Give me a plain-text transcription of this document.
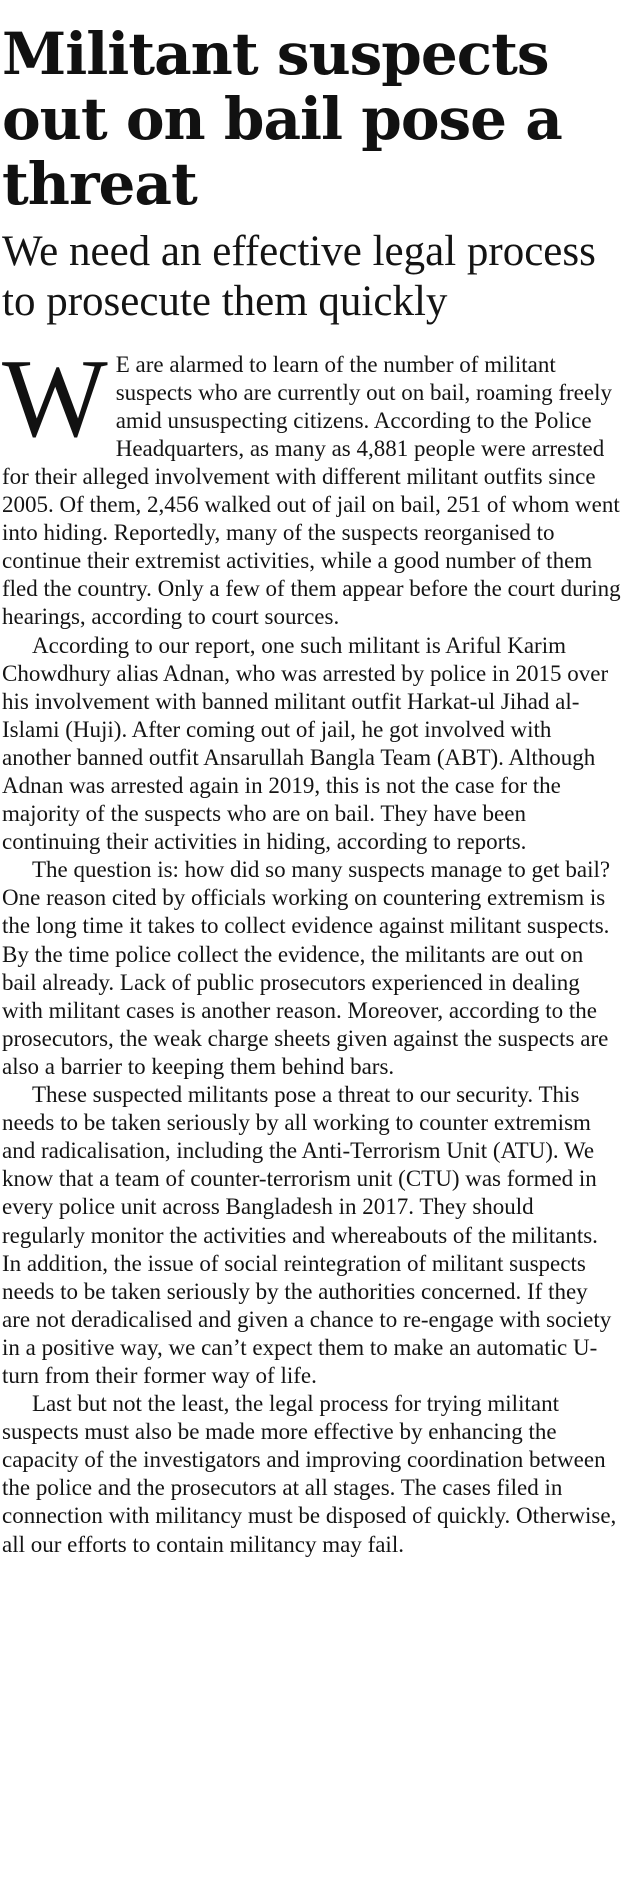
Militant suspects out on bail pose a threat
We need an effective legal process to prosecute them quickly

W E are alarmed to learn of the number of militant suspects who are currently out on bail, roaming freely amid unsuspecting citizens. According to the Police Headquarters, as many as 4,881 people were arrested for their alleged involvement with different militant outfits since 2005. Of them, 2,456 walked out of jail on bail, 251 of whom went into hiding. Reportedly, many of the suspects reorganised to continue their extremist activities, while a good number of them fled the country. Only a few of them appear before the court during hearings, according to court sources.

According to our report, one such militant is Ariful Karim Chowdhury alias Adnan, who was arrested by police in 2015 over his involvement with banned militant outfit Harkat-ul Jihad al-Islami (Huji). After coming out of jail, he got involved with another banned outfit Ansarullah Bangla Team (ABT). Although Adnan was arrested again in 2019, this is not the case for the majority of the suspects who are on bail. They have been continuing their activities in hiding, according to reports.

The question is: how did so many suspects manage to get bail? One reason cited by officials working on countering extremism is the long time it takes to collect evidence against militant suspects. By the time police collect the evidence, the militants are out on bail already. Lack of public prosecutors experienced in dealing with militant cases is another reason. Moreover, according to the prosecutors, the weak charge sheets given against the suspects are also a barrier to keeping them behind bars.

These suspected militants pose a threat to our security. This needs to be taken seriously by all working to counter extremism and radicalisation, including the Anti-Terrorism Unit (ATU). We know that a team of counter-terrorism unit (CTU) was formed in every police unit across Bangladesh in 2017. They should regularly monitor the activities and whereabouts of the militants. In addition, the issue of social reintegration of militant suspects needs to be taken seriously by the authorities concerned. If they are not deradicalised and given a chance to re-engage with society in a positive way, we can’t expect them to make an automatic U-turn from their former way of life.

Last but not the least, the legal process for trying militant suspects must also be made more effective by enhancing the capacity of the investigators and improving coordination between the police and the prosecutors at all stages. The cases filed in connection with militancy must be disposed of quickly. Otherwise, all our efforts to contain militancy may fail.
